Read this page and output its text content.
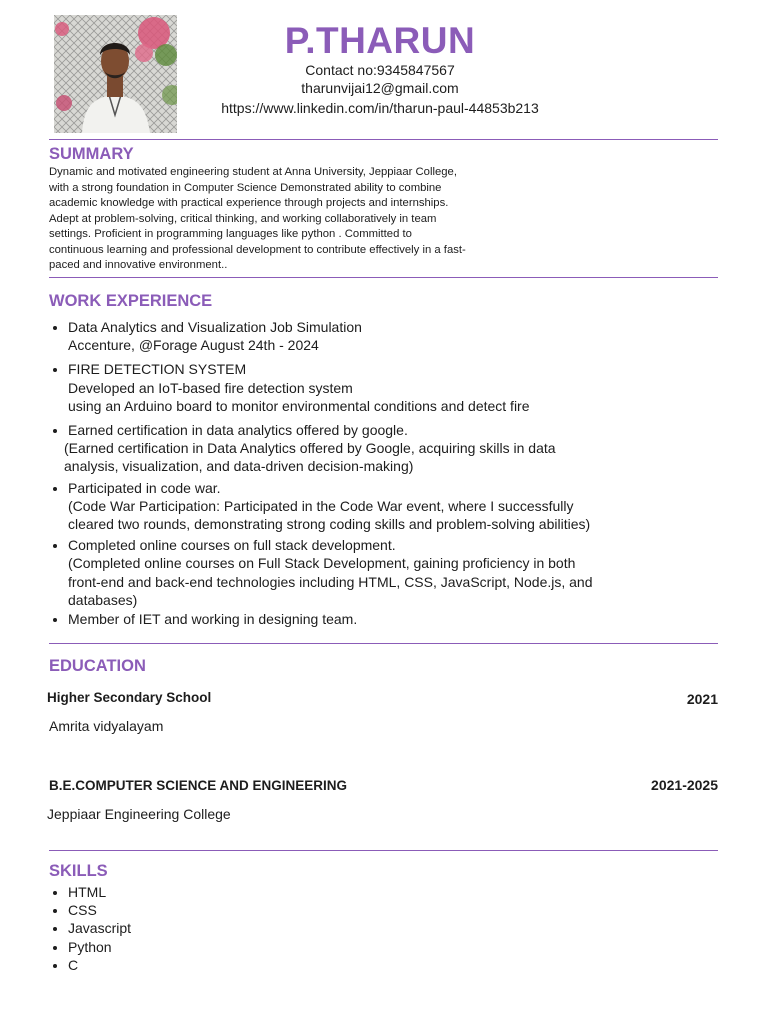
P.THARUN
Contact no:9345847567
tharunvijai12@gmail.com
https://www.linkedin.com/in/tharun-paul-44853b213
SUMMARY
Dynamic and motivated engineering student at Anna University, Jeppiaar College,
with a strong foundation in Computer Science Demonstrated ability to combine
academic knowledge with practical experience through projects and internships.
Adept at problem-solving, critical thinking, and working collaboratively in team
settings. Proficient in programming languages like python . Committed to
continuous learning and professional development to contribute effectively in a fast-
paced and innovative environment..
WORK EXPERIENCE
• Data Analytics and Visualization Job Simulation
Accenture, @Forage August 24th - 2024
• FIRE DETECTION SYSTEM
Developed an IoT-based fire detection system
using an Arduino board to monitor environmental conditions and detect fire
• Earned certification in data analytics offered by google.
(Earned certification in Data Analytics offered by Google, acquiring skills in data
analysis, visualization, and data-driven decision-making)
• Participated in code war.
(Code War Participation: Participated in the Code War event, where I successfully
cleared two rounds, demonstrating strong coding skills and problem-solving abilities)
• Completed online courses on full stack development.
(Completed online courses on Full Stack Development, gaining proficiency in both
front-end and back-end technologies including HTML, CSS, JavaScript, Node.js, and
databases)
• Member of IET and working in designing team.
EDUCATION
Higher Secondary School	2021
Amrita vidyalayam
B.E.COMPUTER SCIENCE AND ENGINEERING	2021-2025
Jeppiaar Engineering College
SKILLS
• HTML
• CSS
• Javascript
• Python
• C
